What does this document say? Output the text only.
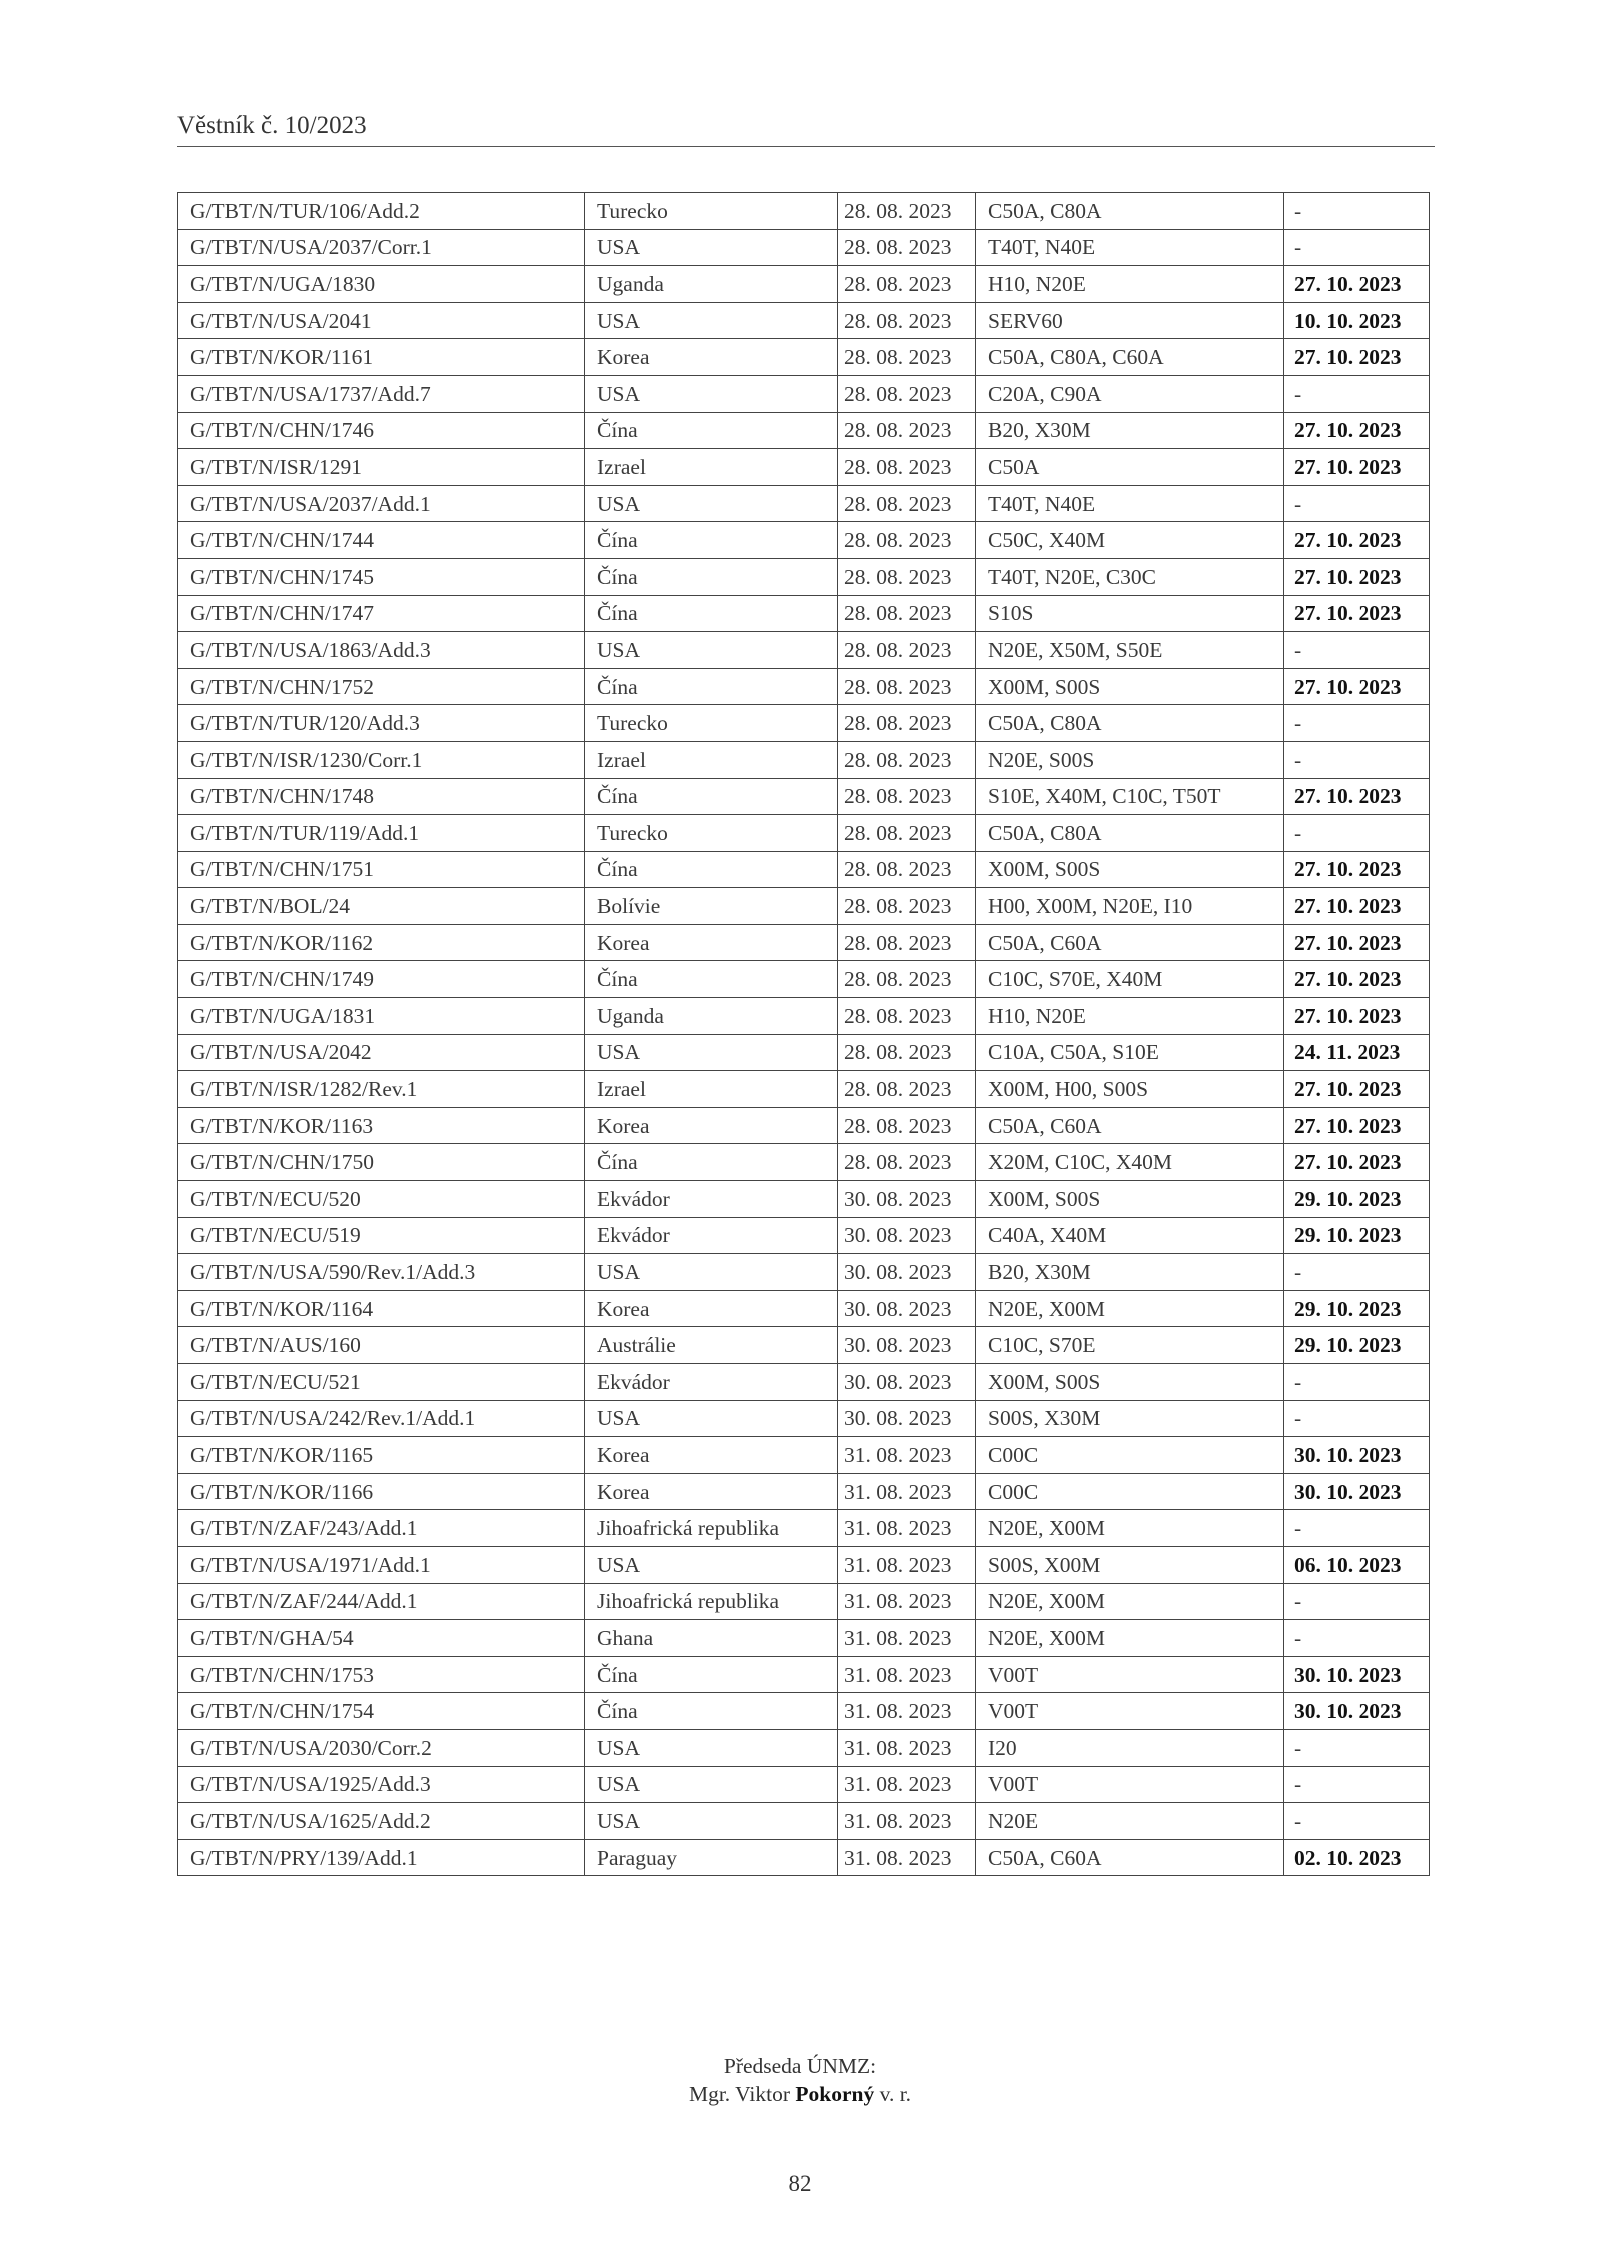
Věstník č. 10/2023
G/TBT/N/TUR/106/Add.2	Turecko	28. 08. 2023	C50A, C80A	-
G/TBT/N/USA/2037/Corr.1	USA	28. 08. 2023	T40T, N40E	-
G/TBT/N/UGA/1830	Uganda	28. 08. 2023	H10, N20E	27. 10. 2023
G/TBT/N/USA/2041	USA	28. 08. 2023	SERV60	10. 10. 2023
G/TBT/N/KOR/1161	Korea	28. 08. 2023	C50A, C80A, C60A	27. 10. 2023
G/TBT/N/USA/1737/Add.7	USA	28. 08. 2023	C20A, C90A	-
G/TBT/N/CHN/1746	Čína	28. 08. 2023	B20, X30M	27. 10. 2023
G/TBT/N/ISR/1291	Izrael	28. 08. 2023	C50A	27. 10. 2023
G/TBT/N/USA/2037/Add.1	USA	28. 08. 2023	T40T, N40E	-
G/TBT/N/CHN/1744	Čína	28. 08. 2023	C50C, X40M	27. 10. 2023
G/TBT/N/CHN/1745	Čína	28. 08. 2023	T40T, N20E, C30C	27. 10. 2023
G/TBT/N/CHN/1747	Čína	28. 08. 2023	S10S	27. 10. 2023
G/TBT/N/USA/1863/Add.3	USA	28. 08. 2023	N20E, X50M, S50E	-
G/TBT/N/CHN/1752	Čína	28. 08. 2023	X00M, S00S	27. 10. 2023
G/TBT/N/TUR/120/Add.3	Turecko	28. 08. 2023	C50A, C80A	-
G/TBT/N/ISR/1230/Corr.1	Izrael	28. 08. 2023	N20E, S00S	-
G/TBT/N/CHN/1748	Čína	28. 08. 2023	S10E, X40M, C10C, T50T	27. 10. 2023
G/TBT/N/TUR/119/Add.1	Turecko	28. 08. 2023	C50A, C80A	-
G/TBT/N/CHN/1751	Čína	28. 08. 2023	X00M, S00S	27. 10. 2023
G/TBT/N/BOL/24	Bolívie	28. 08. 2023	H00, X00M, N20E, I10	27. 10. 2023
G/TBT/N/KOR/1162	Korea	28. 08. 2023	C50A, C60A	27. 10. 2023
G/TBT/N/CHN/1749	Čína	28. 08. 2023	C10C, S70E, X40M	27. 10. 2023
G/TBT/N/UGA/1831	Uganda	28. 08. 2023	H10, N20E	27. 10. 2023
G/TBT/N/USA/2042	USA	28. 08. 2023	C10A, C50A, S10E	24. 11. 2023
G/TBT/N/ISR/1282/Rev.1	Izrael	28. 08. 2023	X00M, H00, S00S	27. 10. 2023
G/TBT/N/KOR/1163	Korea	28. 08. 2023	C50A, C60A	27. 10. 2023
G/TBT/N/CHN/1750	Čína	28. 08. 2023	X20M, C10C, X40M	27. 10. 2023
G/TBT/N/ECU/520	Ekvádor	30. 08. 2023	X00M, S00S	29. 10. 2023
G/TBT/N/ECU/519	Ekvádor	30. 08. 2023	C40A, X40M	29. 10. 2023
G/TBT/N/USA/590/Rev.1/Add.3	USA	30. 08. 2023	B20, X30M	-
G/TBT/N/KOR/1164	Korea	30. 08. 2023	N20E, X00M	29. 10. 2023
G/TBT/N/AUS/160	Austrálie	30. 08. 2023	C10C, S70E	29. 10. 2023
G/TBT/N/ECU/521	Ekvádor	30. 08. 2023	X00M, S00S	-
G/TBT/N/USA/242/Rev.1/Add.1	USA	30. 08. 2023	S00S, X30M	-
G/TBT/N/KOR/1165	Korea	31. 08. 2023	C00C	30. 10. 2023
G/TBT/N/KOR/1166	Korea	31. 08. 2023	C00C	30. 10. 2023
G/TBT/N/ZAF/243/Add.1	Jihoafrická republika	31. 08. 2023	N20E, X00M	-
G/TBT/N/USA/1971/Add.1	USA	31. 08. 2023	S00S, X00M	06. 10. 2023
G/TBT/N/ZAF/244/Add.1	Jihoafrická republika	31. 08. 2023	N20E, X00M	-
G/TBT/N/GHA/54	Ghana	31. 08. 2023	N20E, X00M	-
G/TBT/N/CHN/1753	Čína	31. 08. 2023	V00T	30. 10. 2023
G/TBT/N/CHN/1754	Čína	31. 08. 2023	V00T	30. 10. 2023
G/TBT/N/USA/2030/Corr.2	USA	31. 08. 2023	I20	-
G/TBT/N/USA/1925/Add.3	USA	31. 08. 2023	V00T	-
G/TBT/N/USA/1625/Add.2	USA	31. 08. 2023	N20E	-
G/TBT/N/PRY/139/Add.1	Paraguay	31. 08. 2023	C50A, C60A	02. 10. 2023
Předseda ÚNMZ:
Mgr. Viktor Pokorný v. r.
82
